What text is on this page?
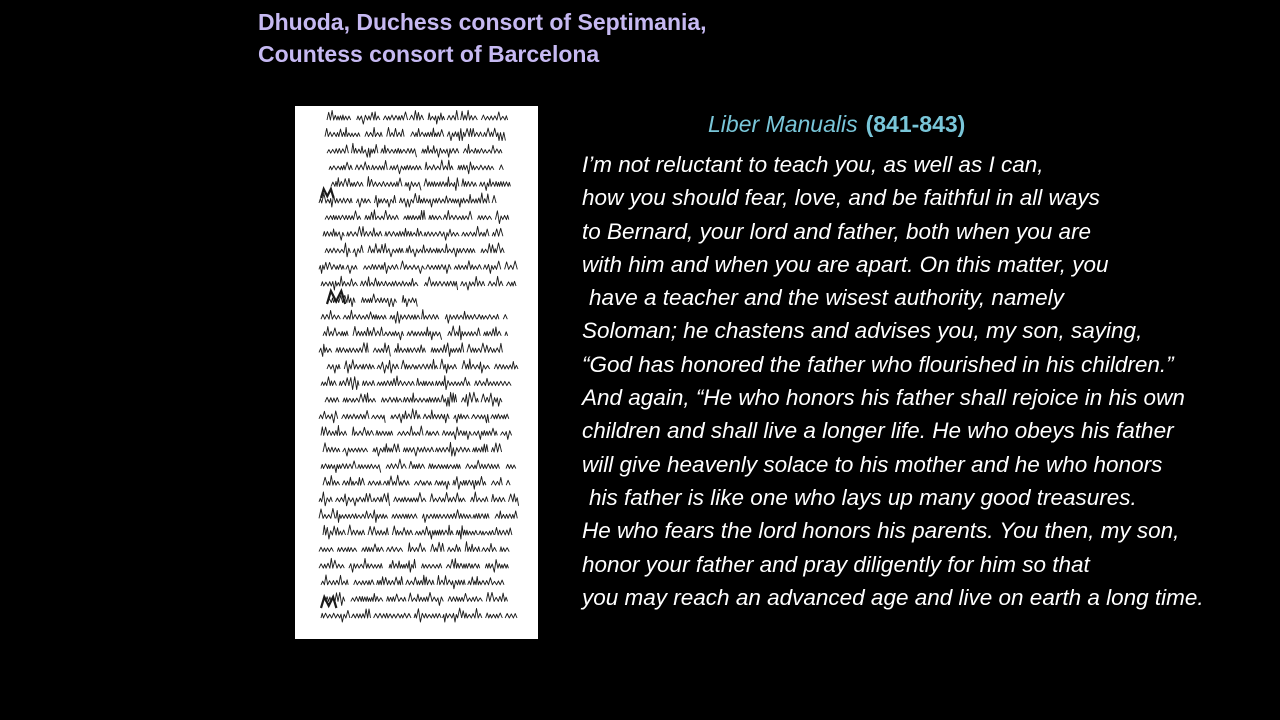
Dhuoda, Duchess consort of Septimania,
Countess consort of Barcelona
Liber Manualis (841-843)
I’m not reluctant to teach you, as well as I can,
how you should fear, love, and be faithful in all ways
to Bernard, your lord and father, both when you are
with him and when you are apart. On this matter, you
have a teacher and the wisest authority, namely
Soloman; he chastens and advises you, my son, saying,
“God has honored the father who flourished in his children.”
And again, “He who honors his father shall rejoice in his own
children and shall live a longer life. He who obeys his father
will give heavenly solace to his mother and he who honors
his father is like one who lays up many good treasures.
He who fears the lord honors his parents. You then, my son,
honor your father and pray diligently for him so that
you may reach an advanced age and live on earth a long time.
